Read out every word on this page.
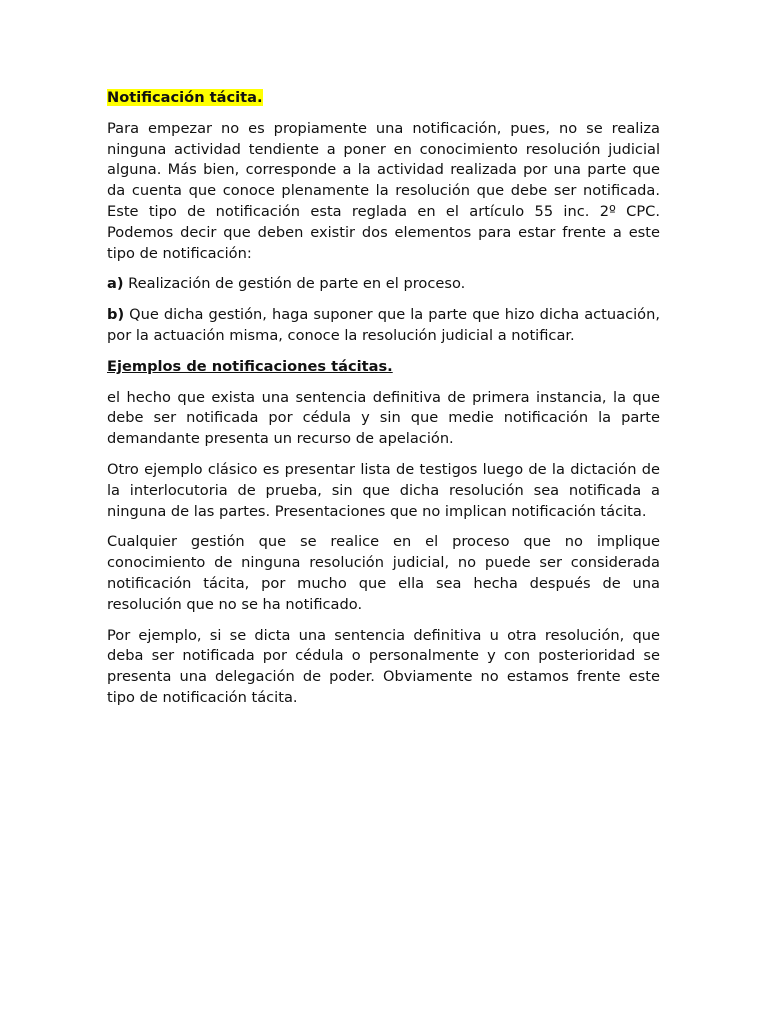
Notificación tácita.

Para empezar no es propiamente una notificación, pues, no se realiza ninguna actividad tendiente a poner en conocimiento resolución judicial alguna. Más bien, corresponde a la actividad realizada por una parte que da cuenta que conoce plenamente la resolución que debe ser notificada. Este tipo de notificación esta reglada en el artículo 55 inc. 2º CPC. Podemos decir que deben existir dos elementos para estar frente a este tipo de notificación:

a) Realización de gestión de parte en el proceso.

b) Que dicha gestión, haga suponer que la parte que hizo dicha actuación, por la actuación misma, conoce la resolución judicial a notificar.

Ejemplos de notificaciones tácitas.

el hecho que exista una sentencia definitiva de primera instancia, la que debe ser notificada por cédula y sin que medie notificación la parte demandante presenta un recurso de apelación.

Otro ejemplo clásico es presentar lista de testigos luego de la dictación de la interlocutoria de prueba, sin que dicha resolución sea notificada a ninguna de las partes. Presentaciones que no implican notificación tácita.

Cualquier gestión que se realice en el proceso que no implique conocimiento de ninguna resolución judicial, no puede ser considerada notificación tácita, por mucho que ella sea hecha después de una resolución que no se ha notificado.

Por ejemplo, si se dicta una sentencia definitiva u otra resolución, que deba ser notificada por cédula o personalmente y con posterioridad se presenta una delegación de poder. Obviamente no estamos frente este tipo de notificación tácita.
